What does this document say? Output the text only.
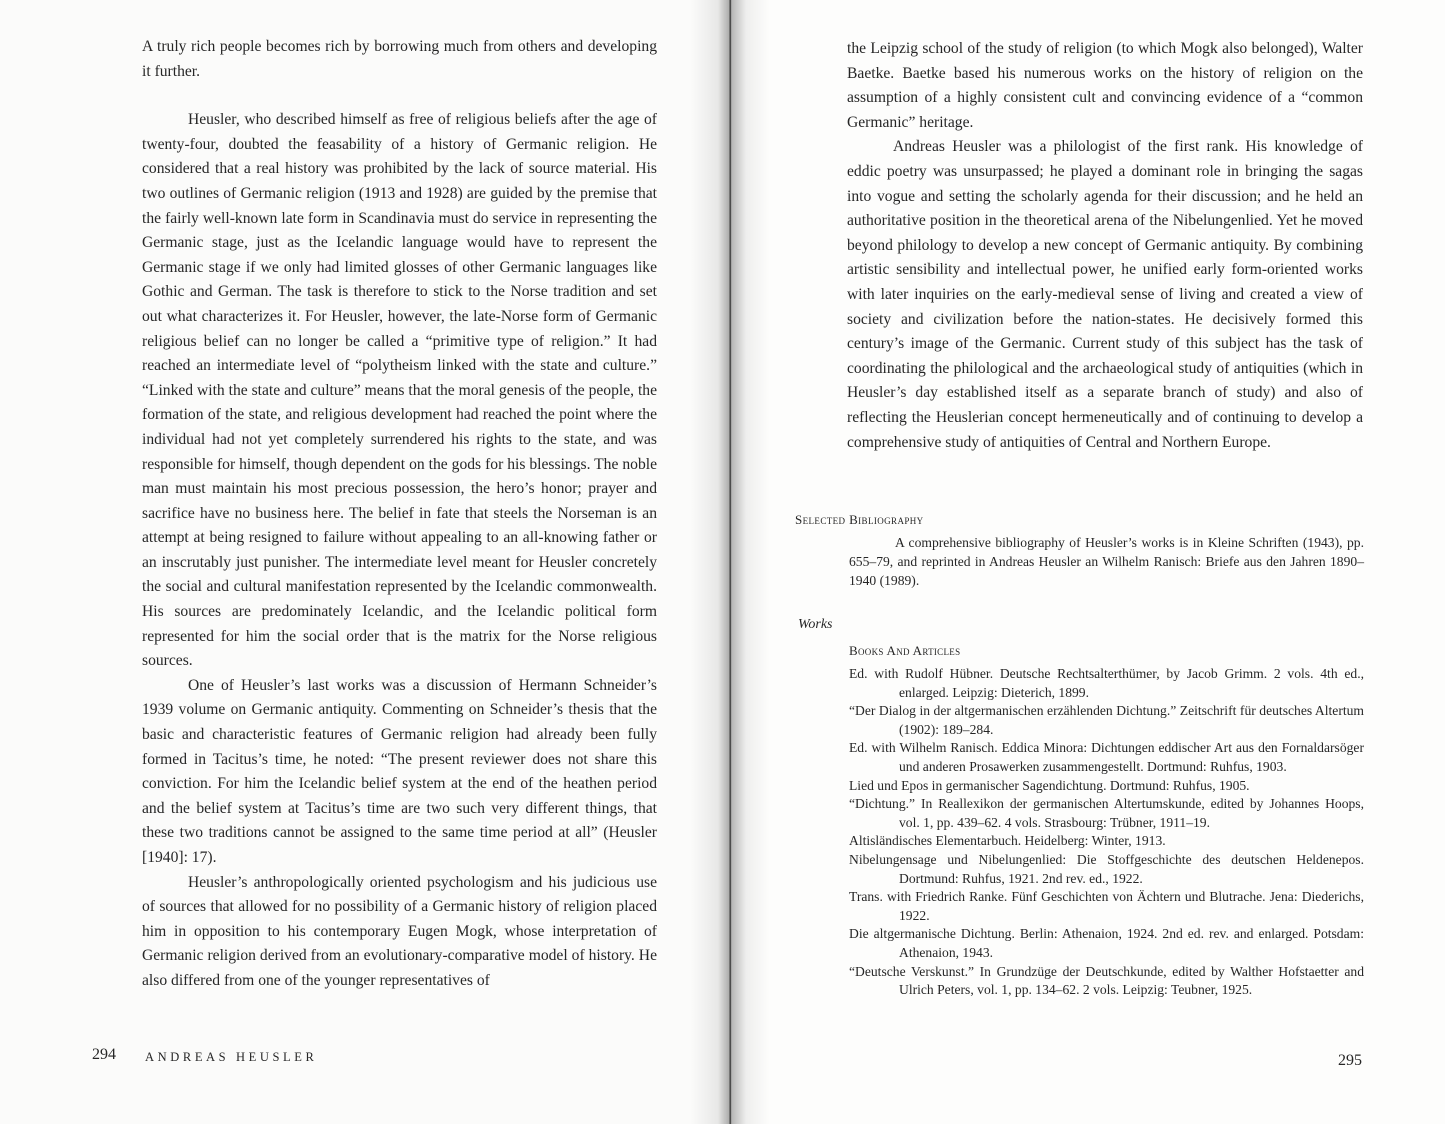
A truly rich people becomes rich by borrowing much from others and developing it further.

Heusler, who described himself as free of religious beliefs after the age of twenty-four, doubted the feasability of a history of Germanic religion. He considered that a real history was prohibited by the lack of source material. His two outlines of Germanic religion (1913 and 1928) are guided by the premise that the fairly well-known late form in Scandinavia must do service in representing the Germanic stage, just as the Icelandic language would have to represent the Germanic stage if we only had limited glosses of other Germanic languages like Gothic and German. The task is therefore to stick to the Norse tradition and set out what characterizes it. For Heusler, however, the late-Norse form of Germanic religious belief can no longer be called a “primitive type of religion.” It had reached an intermediate level of “polytheism linked with the state and culture.” “Linked with the state and culture” means that the moral genesis of the people, the formation of the state, and religious development had reached the point where the individual had not yet completely surrendered his rights to the state, and was responsible for himself, though dependent on the gods for his blessings. The noble man must maintain his most precious possession, the hero’s honor; prayer and sacrifice have no business here. The belief in fate that steels the Norseman is an attempt at being resigned to failure without appealing to an all-knowing father or an inscrutably just punisher. The intermediate level meant for Heusler concretely the social and cultural manifestation represented by the Icelandic commonwealth. His sources are predominately Icelandic, and the Icelandic political form represented for him the social order that is the matrix for the Norse religious sources.

One of Heusler’s last works was a discussion of Hermann Schneider’s 1939 volume on Germanic antiquity. Commenting on Schneider’s thesis that the basic and characteristic features of Germanic religion had already been fully formed in Tacitus’s time, he noted: “The present reviewer does not share this conviction. For him the Icelandic belief system at the end of the heathen period and the belief system at Tacitus’s time are two such very different things, that these two traditions cannot be assigned to the same time period at all” (Heusler [1940]: 17).

Heusler’s anthropologically oriented psychologism and his judicious use of sources that allowed for no possibility of a Germanic history of religion placed him in opposition to his contemporary Eugen Mogk, whose interpretation of Germanic religion derived from an evolutionary-comparative model of history. He also differed from one of the younger representatives of

294 ANDREAS HEUSLER

the Leipzig school of the study of religion (to which Mogk also belonged), Walter Baetke. Baetke based his numerous works on the history of religion on the assumption of a highly consistent cult and convincing evidence of a “common Germanic” heritage.

Andreas Heusler was a philologist of the first rank. His knowledge of eddic poetry was unsurpassed; he played a dominant role in bringing the sagas into vogue and setting the scholarly agenda for their discussion; and he held an authoritative position in the theoretical arena of the Nibelungenlied. Yet he moved beyond philology to develop a new concept of Germanic antiquity. By combining artistic sensibility and intellectual power, he unified early form-oriented works with later inquiries on the early-medieval sense of living and created a view of society and civilization before the nation-states. He decisively formed this century’s image of the Germanic. Current study of this subject has the task of coordinating the philological and the archaeological study of antiquities (which in Heusler’s day established itself as a separate branch of study) and also of reflecting the Heuslerian concept hermeneutically and of continuing to develop a comprehensive study of antiquities of Central and Northern Europe.

Selected Bibliography
A comprehensive bibliography of Heusler’s works is in Kleine Schriften (1943), pp. 655–79, and reprinted in Andreas Heusler an Wilhelm Ranisch: Briefe aus den Jahren 1890–1940 (1989).
Works
Books And Articles
Ed. with Rudolf Hübner. Deutsche Rechtsalterthümer, by Jacob Grimm. 2 vols. 4th ed., enlarged. Leipzig: Dieterich, 1899.
“Der Dialog in der altgermanischen erzählenden Dichtung.” Zeitschrift für deutsches Altertum (1902): 189–284.
Ed. with Wilhelm Ranisch. Eddica Minora: Dichtungen eddischer Art aus den Fornaldarsöger und anderen Prosawerken zusammengestellt. Dortmund: Ruhfus, 1903.
Lied und Epos in germanischer Sagendichtung. Dortmund: Ruhfus, 1905.
“Dichtung.” In Reallexikon der germanischen Altertumskunde, edited by Johannes Hoops, vol. 1, pp. 439–62. 4 vols. Strasbourg: Trübner, 1911–19.
Altisländisches Elementarbuch. Heidelberg: Winter, 1913.
Nibelungensage und Nibelungenlied: Die Stoffgeschichte des deutschen Heldenepos. Dortmund: Ruhfus, 1921. 2nd rev. ed., 1922.
Trans. with Friedrich Ranke. Fünf Geschichten von Ächtern und Blutrache. Jena: Diederichs, 1922.
Die altgermanische Dichtung. Berlin: Athenaion, 1924. 2nd ed. rev. and enlarged. Potsdam: Athenaion, 1943.
“Deutsche Verskunst.” In Grundzüge der Deutschkunde, edited by Walther Hofstaetter and Ulrich Peters, vol. 1, pp. 134–62. 2 vols. Leipzig: Teubner, 1925.
295
